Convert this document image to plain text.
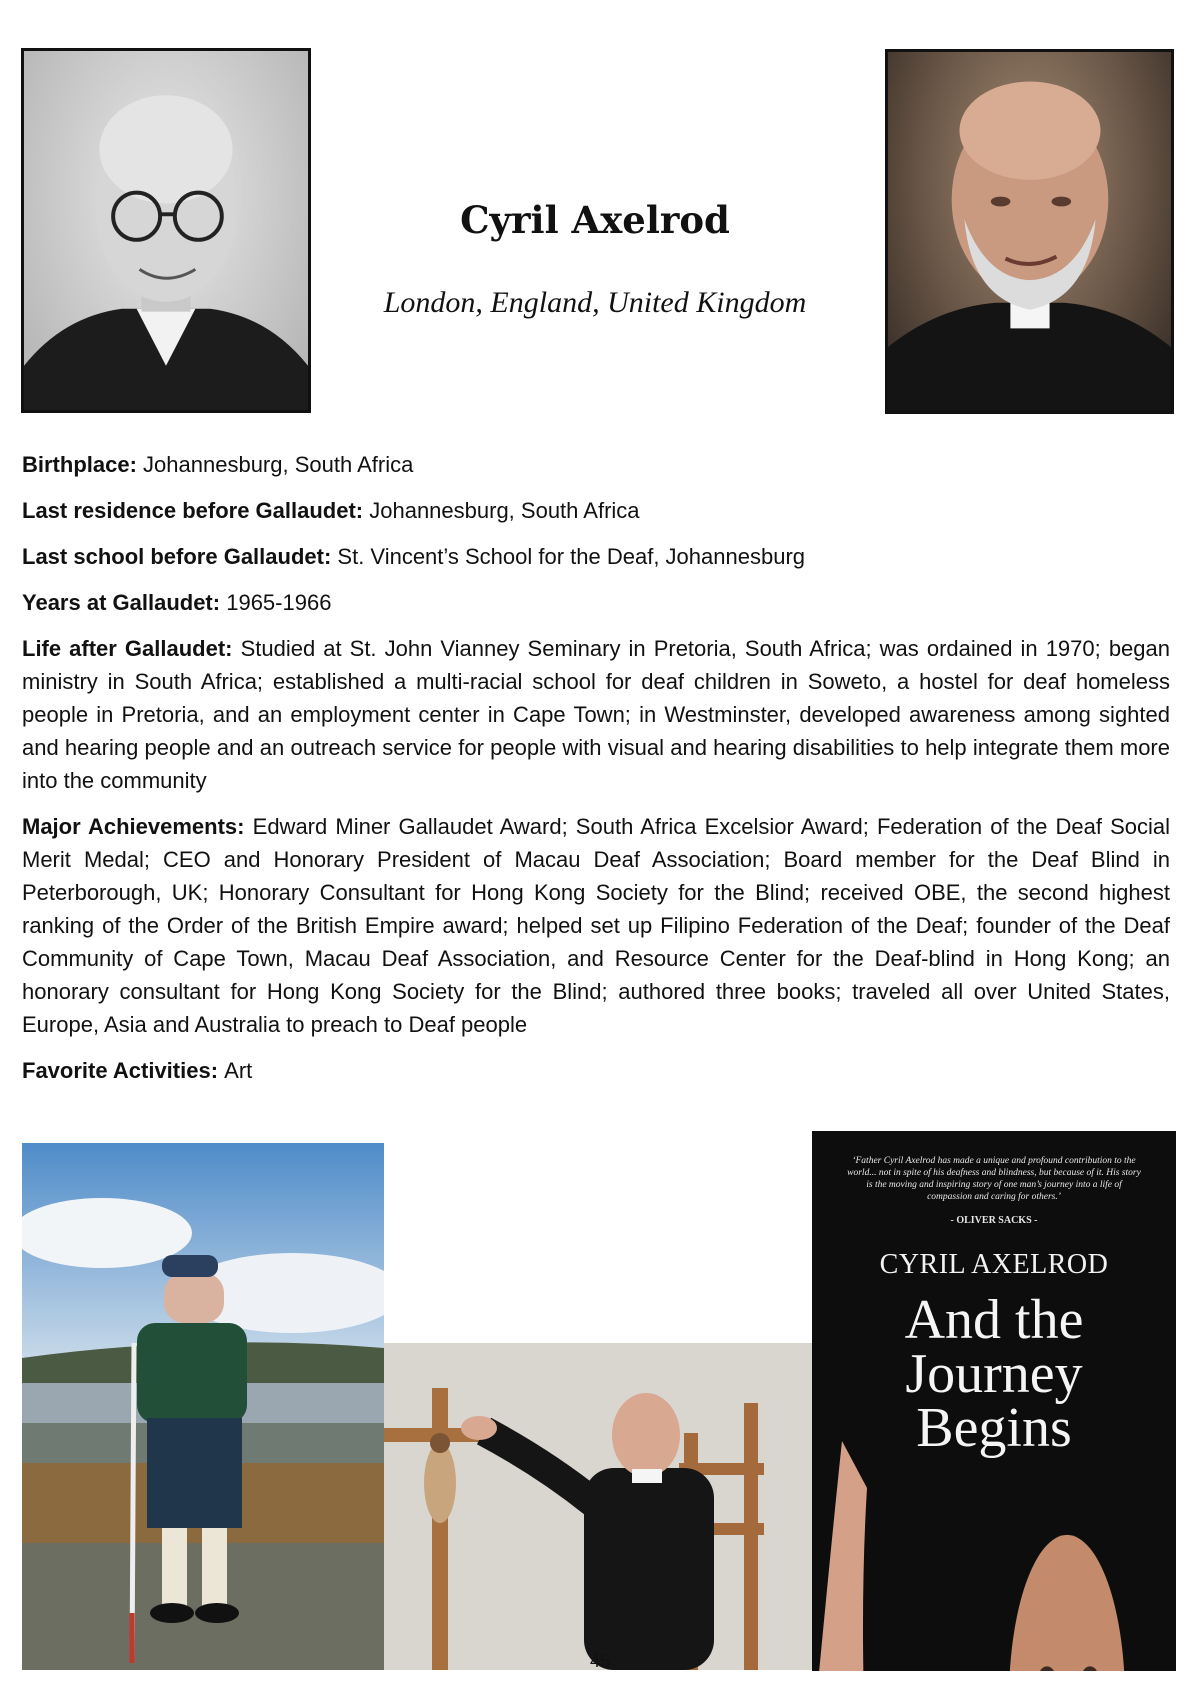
Cyril Axelrod
London, England, United Kingdom

Birthplace: Johannesburg, South Africa

Last residence before Gallaudet: Johannesburg, South Africa

Last school before Gallaudet: St. Vincent’s School for the Deaf, Johannesburg

Years at Gallaudet: 1965-1966

Life after Gallaudet: Studied at St. John Vianney Seminary in Pretoria, South Africa; was ordained in 1970; began ministry in South Africa; established a multi-racial school for deaf children in Soweto, a hostel for deaf homeless people in Pretoria, and an employment center in Cape Town; in Westminster, developed awareness among sighted and hearing people and an outreach service for people with visual and hearing disabilities to help integrate them more into the community

Major Achievements: Edward Miner Gallaudet Award; South Africa Excelsior Award; Federation of the Deaf Social Merit Medal; CEO and Honorary President of Macau Deaf Association; Board member for the Deaf Blind in Peterborough, UK; Honorary Consultant for Hong Kong Society for the Blind; received OBE, the second highest ranking of the Order of the British Empire award; helped set up Filipino Federation of the Deaf; founder of the Deaf Community of Cape Town, Macau Deaf Association, and Resource Center for the Deaf-blind in Hong Kong; an honorary consultant for Hong Kong Society for the Blind; authored three books; traveled all over United States, Europe, Asia and Australia to preach to Deaf people

Favorite Activities: Art

‘Father Cyril Axelrod has made a unique and profound contribution to the world... not in spite of his deafness and blindness, but because of it. His story is the moving and inspiring story of one man’s journey into a life of compassion and caring for others.’
- OLIVER SACKS -
CYRIL AXELROD
And the
Journey
Begins
45
